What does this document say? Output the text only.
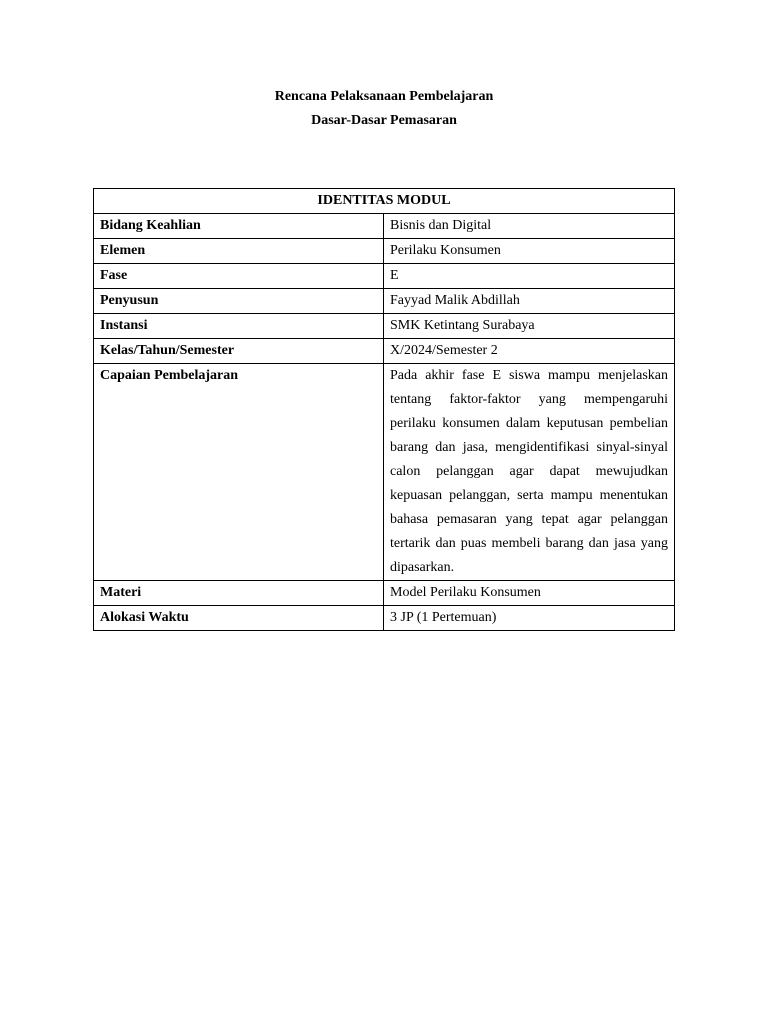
Rencana Pelaksanaan Pembelajaran
Dasar-Dasar Pemasaran
IDENTITAS MODUL	
Bidang Keahlian	Bisnis dan Digital
Elemen	Perilaku Konsumen
Fase	E
Penyusun	Fayyad Malik Abdillah
Instansi	SMK Ketintang Surabaya
Kelas/Tahun/Semester	X/2024/Semester 2
Capaian Pembelajaran	Pada akhir fase E siswa mampu menjelaskan tentang faktor-faktor yang mempengaruhi perilaku konsumen dalam keputusan pembelian barang dan jasa, mengidentifikasi sinyal-sinyal calon pelanggan agar dapat mewujudkan kepuasan pelanggan, serta mampu menentukan bahasa pemasaran yang tepat agar pelanggan tertarik dan puas membeli barang dan jasa yang dipasarkan.
Materi	Model Perilaku Konsumen
Alokasi Waktu	3 JP (1 Pertemuan)
